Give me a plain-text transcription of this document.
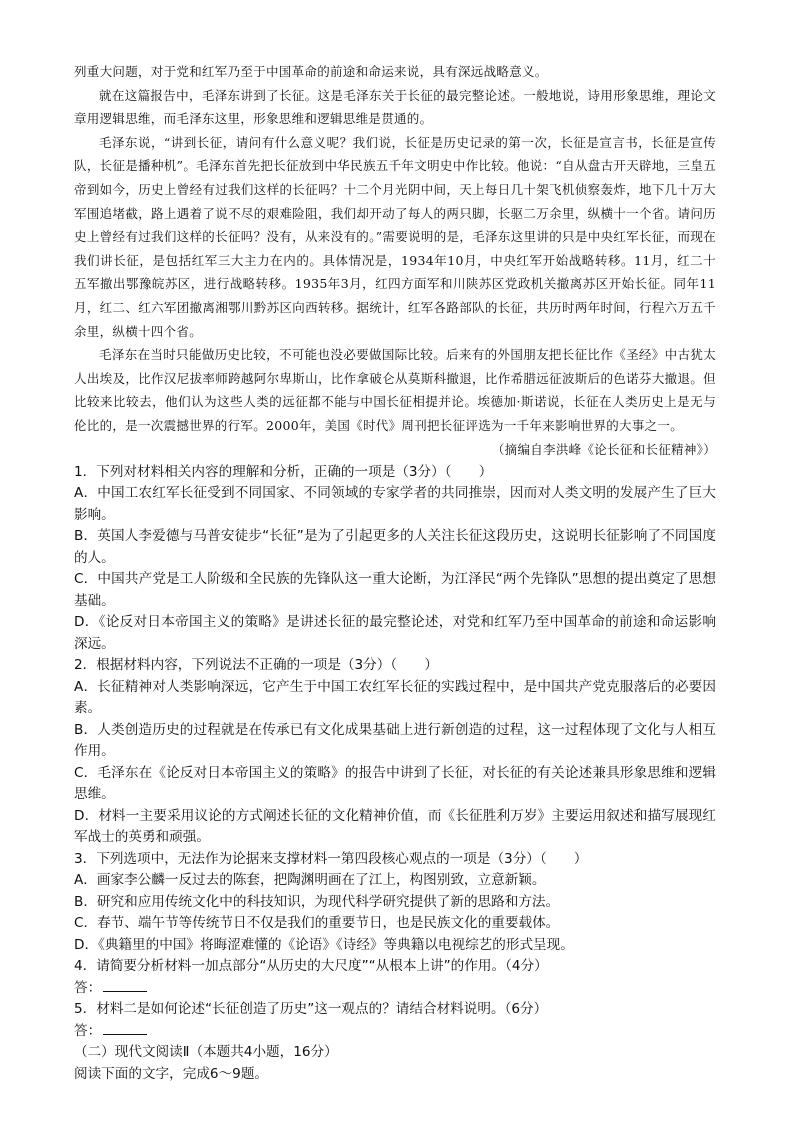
列重大问题，对于党和红军乃至于中国革命的前途和命运来说，具有深远战略意义。

就在这篇报告中，毛泽东讲到了长征。这是毛泽东关于长征的最完整论述。一般地说，诗用形象思维，理论文章用逻辑思维，而毛泽东这里，形象思维和逻辑思维是贯通的。

毛泽东说，“讲到长征，请问有什么意义呢？我们说，长征是历史记录的第一次，长征是宣言书，长征是宣传队，长征是播种机”。毛泽东首先把长征放到中华民族五千年文明史中作比较。他说：“自从盘古开天辟地，三皇五帝到如今，历史上曾经有过我们这样的长征吗？十二个月光阴中间，天上每日几十架飞机侦察轰炸，地下几十万大军围追堵截，路上遇着了说不尽的艰难险阻，我们却开动了每人的两只脚，长驱二万余里，纵横十一个省。请问历史上曾经有过我们这样的长征吗？没有，从来没有的。”需要说明的是，毛泽东这里讲的只是中央红军长征，而现在我们讲长征，是包括红军三大主力在内的。具体情况是，1934年10月，中央红军开始战略转移。11月，红二十五军撤出鄂豫皖苏区，进行战略转移。1935年3月，红四方面军和川陕苏区党政机关撤离苏区开始长征。同年11月，红二、红六军团撤离湘鄂川黔苏区向西转移。据统计，红军各路部队的长征，共历时两年时间，行程六万五千余里，纵横十四个省。

毛泽东在当时只能做历史比较，不可能也没必要做国际比较。后来有的外国朋友把长征比作《圣经》中古犹太人出埃及，比作汉尼拔率师跨越阿尔卑斯山，比作拿破仑从莫斯科撤退，比作希腊远征波斯后的色诺芬大撤退。但比较来比较去，他们认为这些人类的远征都不能与中国长征相提并论。埃德加·斯诺说，长征在人类历史上是无与伦比的，是一次震撼世界的行军。2000年，美国《时代》周刊把长征评选为一千年来影响世界的大事之一。

（摘编自李洪峰《论长征和长征精神》）

1．下列对材料相关内容的理解和分析，正确的一项是（3分）（　　）

A．中国工农红军长征受到不同国家、不同领域的专家学者的共同推崇，因而对人类文明的发展产生了巨大影响。

B．英国人李爱德与马普安徒步“长征”是为了引起更多的人关注长征这段历史，这说明长征影响了不同国度的人。

C．中国共产党是工人阶级和全民族的先锋队这一重大论断，为江泽民“两个先锋队”思想的提出奠定了思想基础。

D．《论反对日本帝国主义的策略》是讲述长征的最完整论述，对党和红军乃至中国革命的前途和命运影响深远。

2．根据材料内容，下列说法不正确的一项是（3分）（　　）

A．长征精神对人类影响深远，它产生于中国工农红军长征的实践过程中，是中国共产党克服落后的必要因素。

B．人类创造历史的过程就是在传承已有文化成果基础上进行新创造的过程，这一过程体现了文化与人相互作用。

C．毛泽东在《论反对日本帝国主义的策略》的报告中讲到了长征，对长征的有关论述兼具形象思维和逻辑思维。

D．材料一主要采用议论的方式阐述长征的文化精神价值，而《长征胜利万岁》主要运用叙述和描写展现红军战士的英勇和顽强。

3．下列选项中，无法作为论据来支撑材料一第四段核心观点的一项是（3分）（　　）

A．画家李公麟一反过去的陈套，把陶渊明画在了江上，构图别致，立意新颖。

B．研究和应用传统文化中的科技知识，为现代科学研究提供了新的思路和方法。

C．春节、端午节等传统节日不仅是我们的重要节日，也是民族文化的重要载体。

D．《典籍里的中国》将晦涩难懂的《论语》《诗经》等典籍以电视综艺的形式呈现。

4．请简要分析材料一加点部分“从历史的大尺度”“从根本上讲”的作用。（4分）

答：

5．材料二是如何论述“长征创造了历史”这一观点的？请结合材料说明。（6分）

答：

（二）现代文阅读Ⅱ（本题共4小题，16分）

阅读下面的文字，完成6～9题。
